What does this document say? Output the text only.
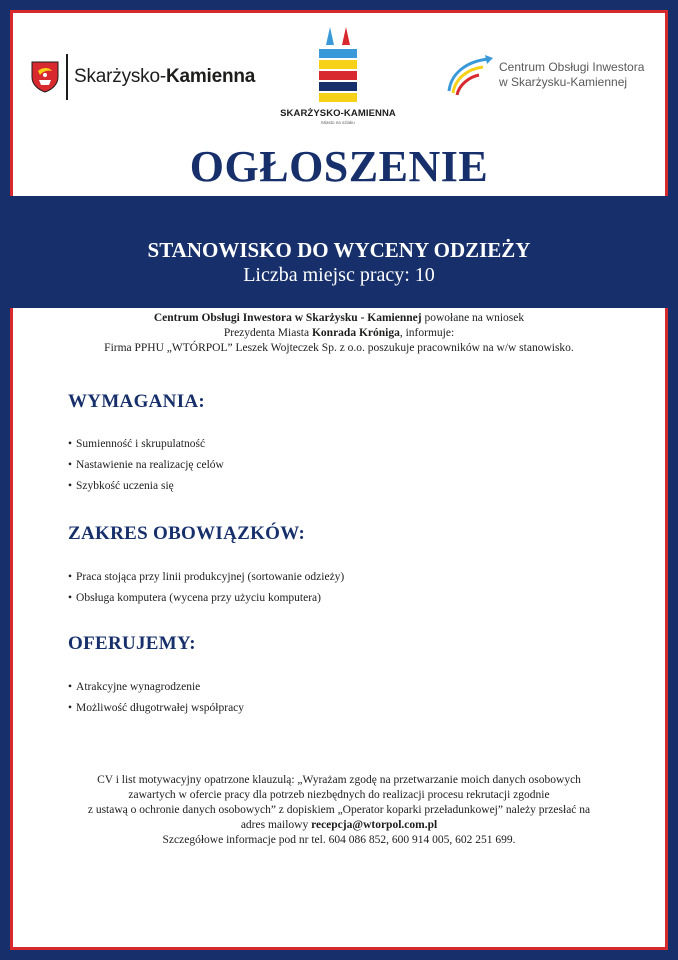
Skarżysko-Kamienna
SKARŻYSKO-KAMIENNA
Miasto na szlaku
Centrum Obsługi Inwestora
w Skarżysku-Kamiennej
OGŁOSZENIE
STANOWISKO DO WYCENY ODZIEŻY
Liczba miejsc pracy: 10
Centrum Obsługi Inwestora w Skarżysku - Kamiennej powołane na wniosek
Prezydenta Miasta Konrada Króniga, informuje:
Firma PPHU „WTÓRPOL” Leszek Wojteczek Sp. z o.o. poszukuje pracowników na w/w stanowisko.
WYMAGANIA:
• Sumienność i skrupulatność
• Nastawienie na realizację celów
• Szybkość uczenia się
ZAKRES OBOWIĄZKÓW:
• Praca stojąca przy linii produkcyjnej (sortowanie odzieży)
• Obsługa komputera (wycena przy użyciu komputera)
OFERUJEMY:
• Atrakcyjne wynagrodzenie
• Możliwość długotrwałej współpracy
CV i list motywacyjny opatrzone klauzulą: „Wyrażam zgodę na przetwarzanie moich danych osobowych
zawartych w ofercie pracy dla potrzeb niezbędnych do realizacji procesu rekrutacji zgodnie
z ustawą o ochronie danych osobowych” z dopiskiem „Operator koparki przeładunkowej” należy przesłać na
adres mailowy recepcja@wtorpol.com.pl
Szczegółowe informacje pod nr tel. 604 086 852, 600 914 005, 602 251 699.
